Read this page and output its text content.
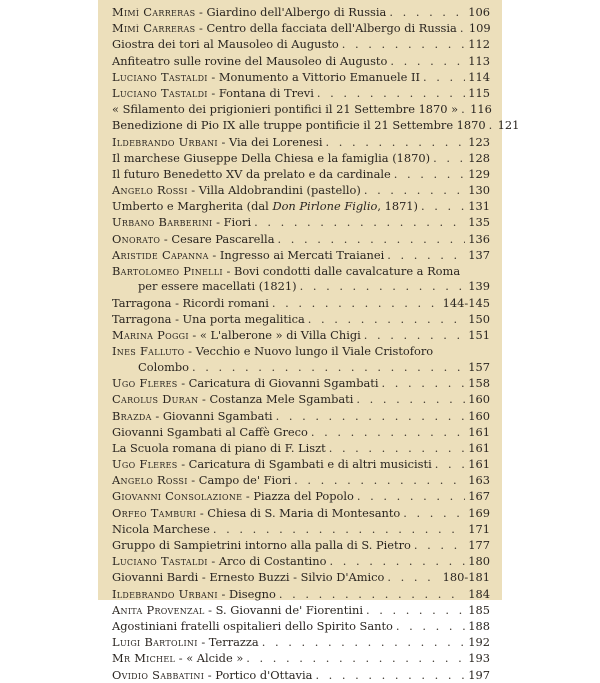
Mimì Carreras - Giardino dell'Albergo di Russia . . .	106
Mimì Carreras - Centro della facciata dell'Albergo di Russia . . . 109
Giostra dei tori al Mausoleo di Augusto . . .	112
Anfiteatro sulle rovine del Mausoleo di Augusto . . .	113
Luciano Tastaldi - Monumento a Vittorio Emanuele II . . .	114
Luciano Tastaldi - Fontana di Trevi . . .	115
« Sfilamento dei prigionieri pontifici il 21 Settembre 1870 » . . . 116
Benedizione di Pio IX alle truppe pontificie il 21 Settembre 1870 . . . 121
Ildebrando Urbani - Via dei Lorenesi . . .	123
Il marchese Giuseppe Della Chiesa e la famiglia (1870) . . .	128
Il futuro Benedetto XV da prelato e da cardinale . . .	129
Angelo Rossi - Villa Aldobrandini (pastello) . . .	130
Umberto e Margherita (dal Don Pirlone Figlio, 1871) . . .	131
Urbano Barberini - Fiori . . .	135
Onorato - Cesare Pascarella . . .	136
Aristide Capanna - Ingresso ai Mercati Traianei . . .	137
Bartolomeo Pinelli - Bovi condotti dalle cavalcature a Roma
per essere macellati (1821) . . .	139
Tarragona - Ricordi romani . . .	144-145
Tarragona - Una porta megalitica . . .	150
Marina Poggi - « L'alberone » di Villa Chigi . . .	151
Ines Falluto - Vecchio e Nuovo lungo il Viale Cristoforo
Colombo . . .	157
Ugo Fleres - Caricatura di Giovanni Sgambati . . .	158
Carolus Duran - Costanza Mele Sgambati . . .	160
Brazda - Giovanni Sgambati . . .	160
Giovanni Sgambati al Caffè Greco . . .	161
La Scuola romana di piano di F. Liszt . . .	161
Ugo Fleres - Caricatura di Sgambati e di altri musicisti . . .	161
Angelo Rossi - Campo de' Fiori . . .	163
Giovanni Consolazione - Piazza del Popolo . . .	167
Orfeo Tamburi - Chiesa di S. Maria di Montesanto . . .	169
Nicola Marchese . . .	171
Gruppo di Sampietrini intorno alla palla di S. Pietro . . .	177
Luciano Tastaldi - Arco di Costantino . . .	180
Giovanni Bardi - Ernesto Buzzi - Silvio D'Amico . . .	180-181
Ildebrando Urbani - Disegno . . .	184
Anita Provenzal - S. Giovanni de' Fiorentini . . .	185
Agostiniani fratelli ospitalieri dello Spirito Santo . . .	188
Luigi Bartolini - Terrazza . . .	192
Mr Michel - « Alcide » . . .	193
Ovidio Sabbatini - Portico d'Ottavia . . .	197
